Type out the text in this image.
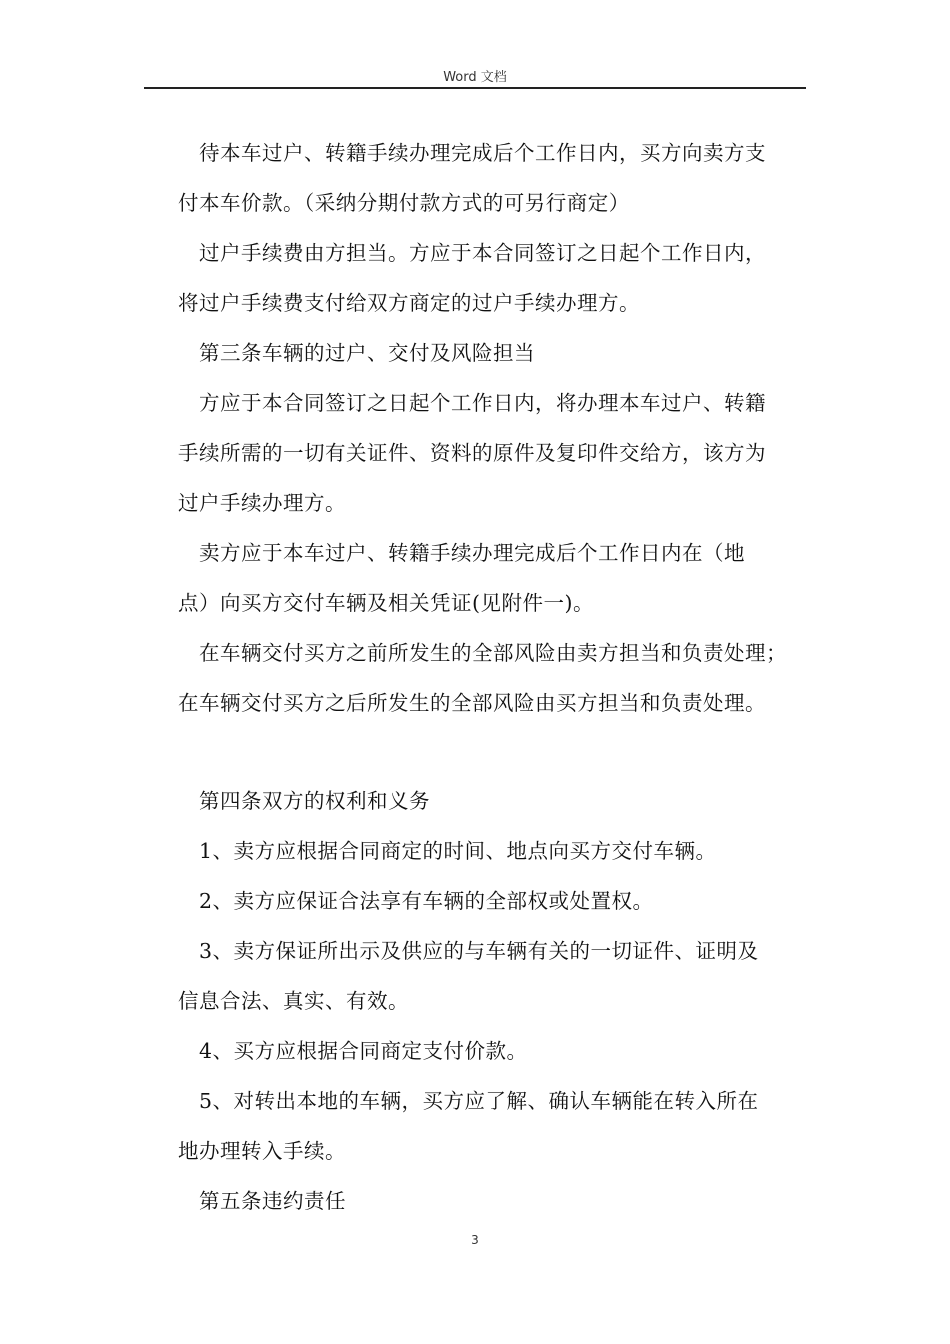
Word 文档
待本车过户、转籍手续办理完成后个工作日内，买方向卖方支
付本车价款。（采纳分期付款方式的可另行商定）
过户手续费由方担当。方应于本合同签订之日起个工作日内，
将过户手续费支付给双方商定的过户手续办理方。
第三条车辆的过户、交付及风险担当
方应于本合同签订之日起个工作日内，将办理本车过户、转籍
手续所需的一切有关证件、资料的原件及复印件交给方，该方为
过户手续办理方。
卖方应于本车过户、转籍手续办理完成后个工作日内在（地
点）向买方交付车辆及相关凭证(见附件一)。
在车辆交付买方之前所发生的全部风险由卖方担当和负责处理；
在车辆交付买方之后所发生的全部风险由买方担当和负责处理。
第四条双方的权利和义务
1、卖方应根据合同商定的时间、地点向买方交付车辆。
2、卖方应保证合法享有车辆的全部权或处置权。
3、卖方保证所出示及供应的与车辆有关的一切证件、证明及
信息合法、真实、有效。
4、买方应根据合同商定支付价款。
5、对转出本地的车辆，买方应了解、确认车辆能在转入所在
地办理转入手续。
第五条违约责任
3
